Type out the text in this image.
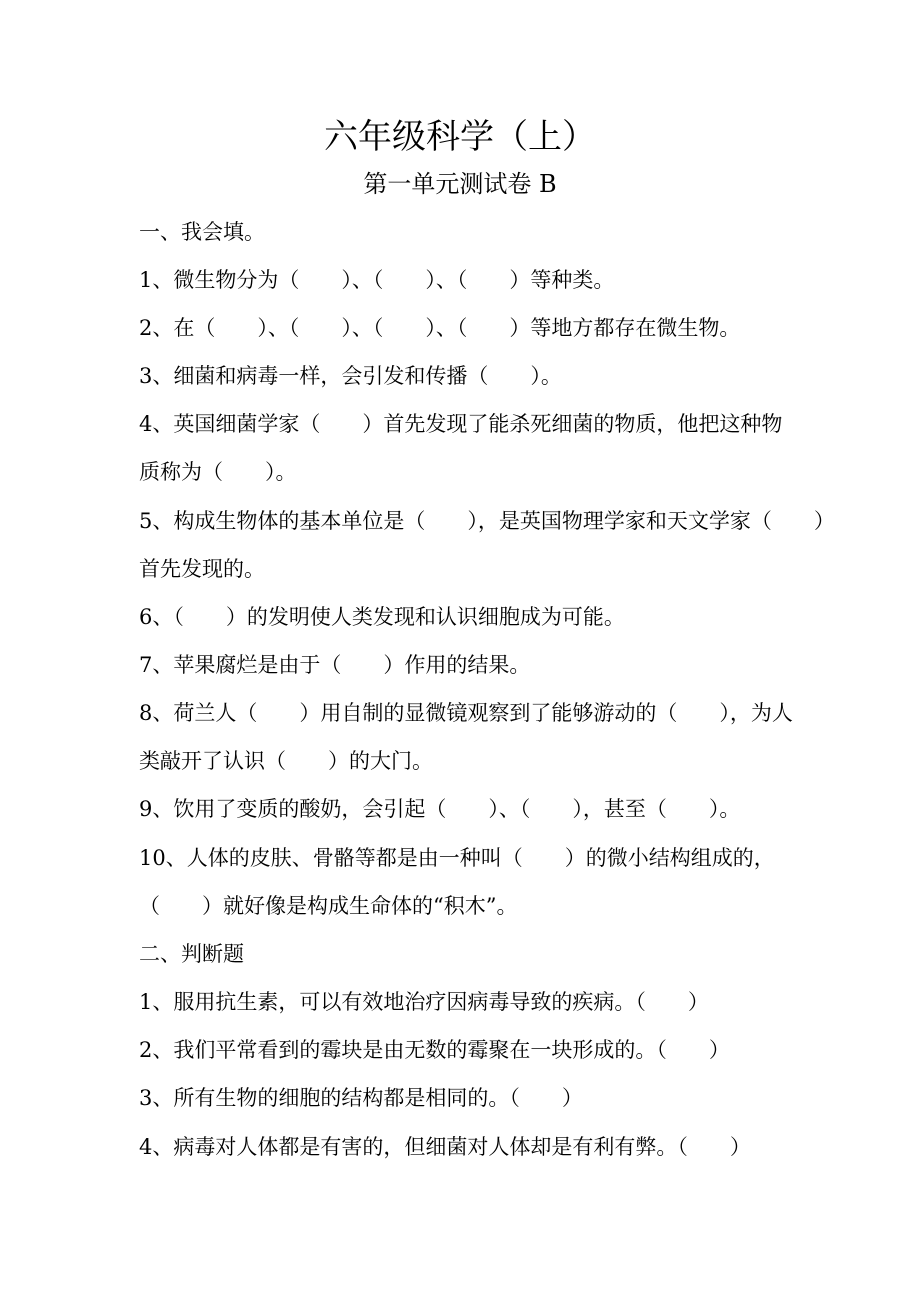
六年级科学（上）
第一单元测试卷 B

一、我会填。

1、微生物分为（　　）、（　　）、（　　）等种类。

2、在（　　）、（　　）、（　　）、（　　）等地方都存在微生物。

3、细菌和病毒一样，会引发和传播（　　）。

4、英国细菌学家（　　）首先发现了能杀死细菌的物质，他把这种物

质称为（　　）。

5、构成生物体的基本单位是（　　），是英国物理学家和天文学家（　　）

首先发现的。

6、（　　）的发明使人类发现和认识细胞成为可能。

7、苹果腐烂是由于（　　）作用的结果。

8、荷兰人（　　）用自制的显微镜观察到了能够游动的（　　），为人

类敲开了认识（　　）的大门。

9、饮用了变质的酸奶，会引起（　　）、（　　），甚至（　　）。

10、人体的皮肤、骨骼等都是由一种叫（　　）的微小结构组成的，

（　　）就好像是构成生命体的“积木”。

二、判断题

1、服用抗生素，可以有效地治疗因病毒导致的疾病。（　　）

2、我们平常看到的霉块是由无数的霉聚在一块形成的。（　　）

3、所有生物的细胞的结构都是相同的。（　　）

4、病毒对人体都是有害的，但细菌对人体却是有利有弊。（　　）
